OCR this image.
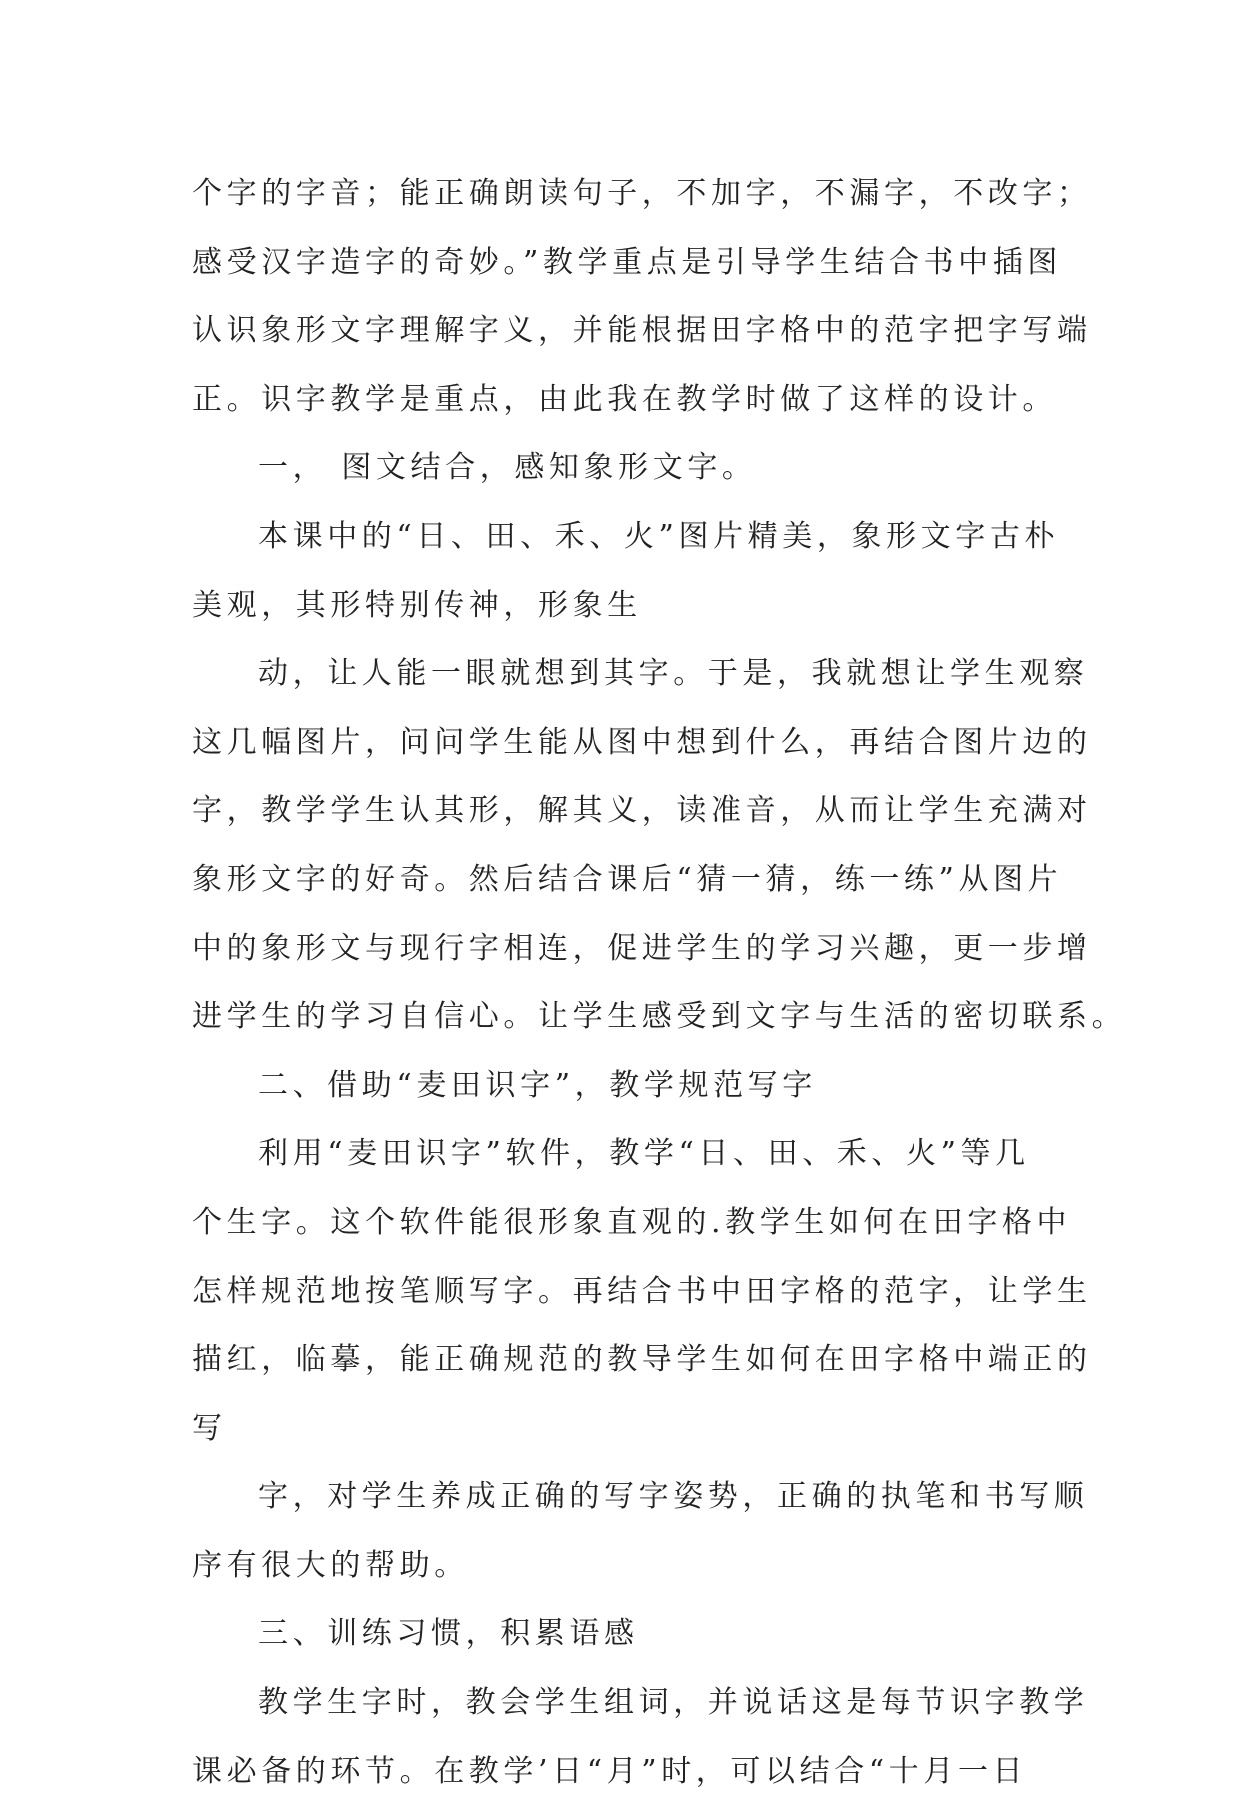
个字的字音；能正确朗读句子，不加字，不漏字，不改字；
感受汉字造字的奇妙。”教学重点是引导学生结合书中插图
认识象形文字理解字义，并能根据田字格中的范字把字写端
正。识字教学是重点，由此我在教学时做了这样的设计。
一， 图文结合，感知象形文字。
本课中的“日、田、禾、火”图片精美，象形文字古朴
美观，其形特别传神，形象生
动，让人能一眼就想到其字。于是，我就想让学生观察
这几幅图片，问问学生能从图中想到什么，再结合图片边的
字，教学学生认其形，解其义，读准音，从而让学生充满对
象形文字的好奇。然后结合课后“猜一猜，练一练”从图片
中的象形文与现行字相连，促进学生的学习兴趣，更一步增
进学生的学习自信心。让学生感受到文字与生活的密切联系。
二、借助“麦田识字”，教学规范写字
利用“麦田识字”软件，教学“日、田、禾、火”等几
个生字。这个软件能很形象直观的.教学生如何在田字格中
怎样规范地按笔顺写字。再结合书中田字格的范字，让学生
描红，临摹，能正确规范的教导学生如何在田字格中端正的
写
字，对学生养成正确的写字姿势，正确的执笔和书写顺
序有很大的帮助。
三、训练习惯，积累语感
教学生字时，教会学生组词，并说话这是每节识字教学
课必备的环节。在教学’日“月”时，可以结合“十月一日
